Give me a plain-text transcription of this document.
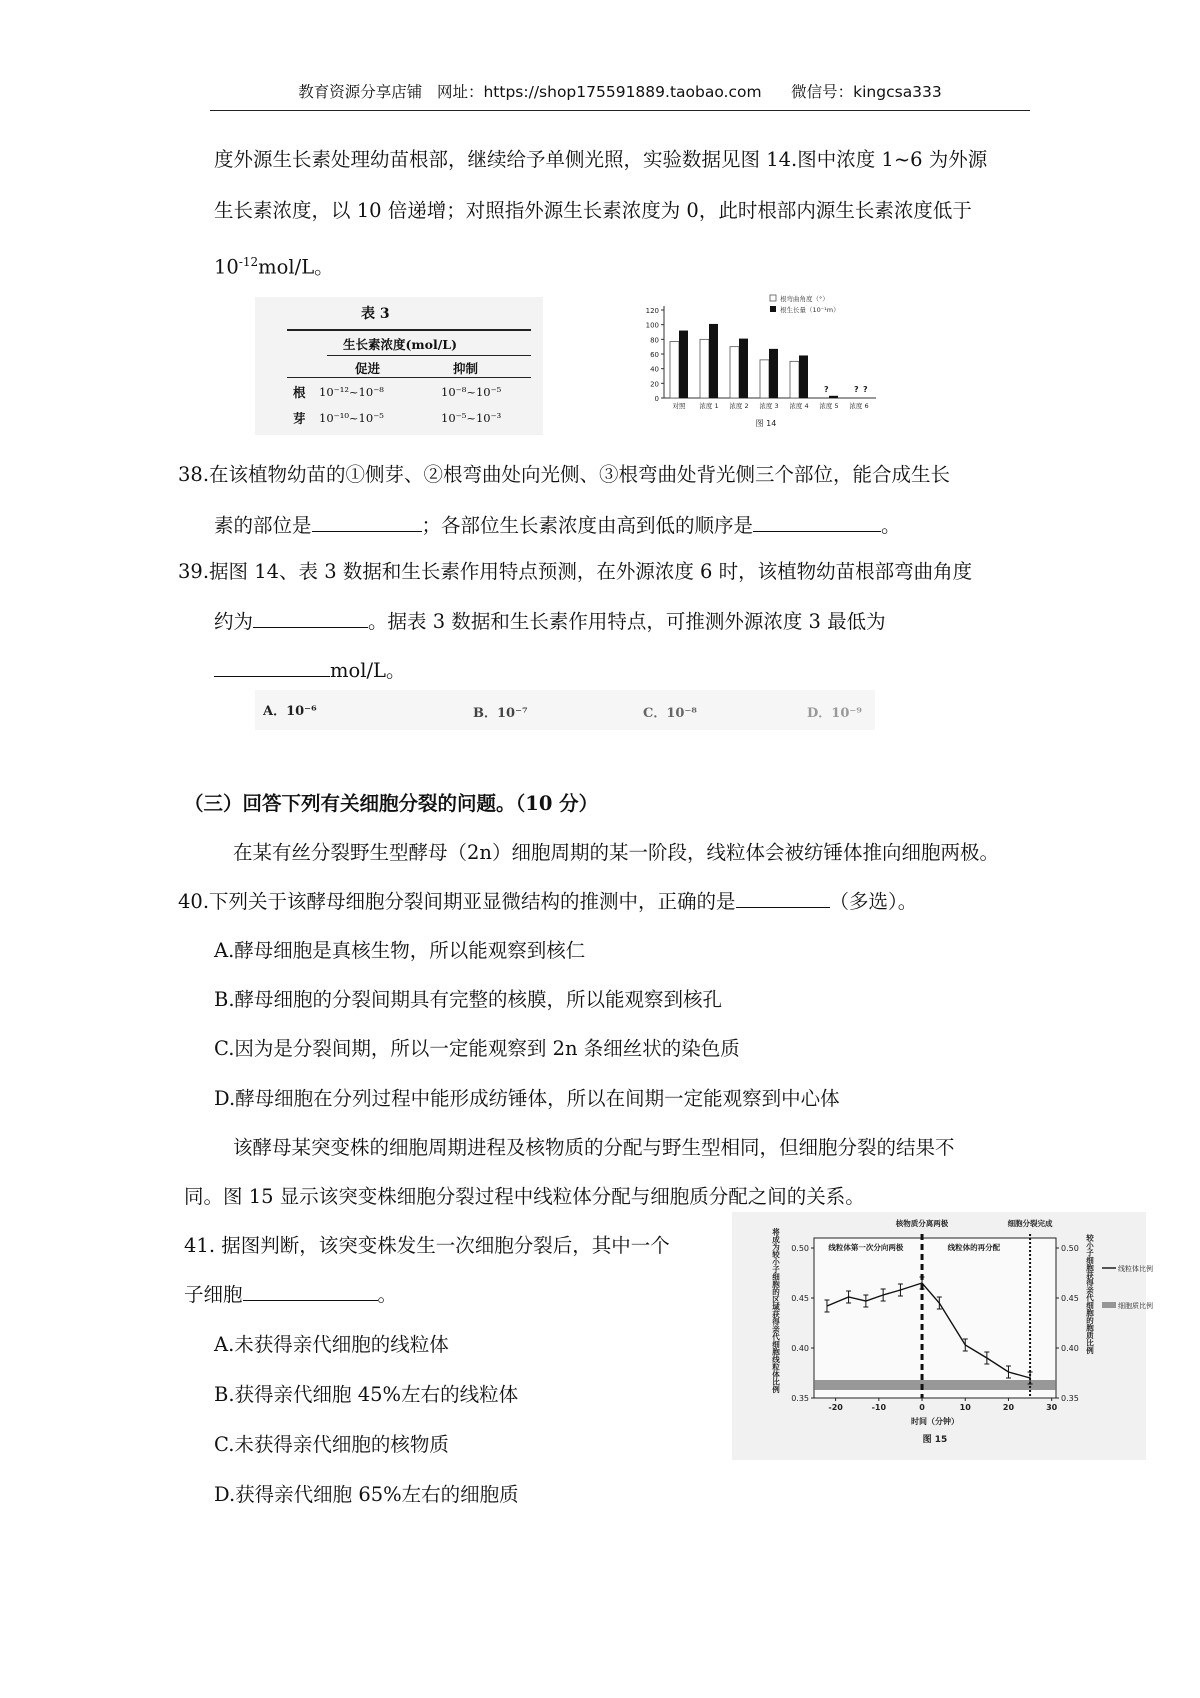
教育资源分享店铺   网址：https://shop175591889.taobao.com      微信号：kingcsa333
度外源生长素处理幼苗根部，继续给予单侧光照，实验数据见图 14.图中浓度 1~6 为外源
生长素浓度，以 10 倍递增；对照指外源生长素浓度为 0，此时根部内源生长素浓度低于
$10^{-12}mol/L$。
表 3
生长素浓度(mol/L)
促进	抑制
根 10⁻¹²~10⁻⁸	10⁻⁸~10⁻⁵
芽 10⁻¹⁰~10⁻⁵	10⁻⁵~10⁻³
0
20
40
60
80
100
120
对照 浓度 1 浓度 2 浓度 3 浓度 4
?
浓度 5
? ?
浓度 6
根弯曲角度（°）
根生长量（10⁻¹m）
图 14
38.在该植物幼苗的①侧芽、②根弯曲处向光侧、③根弯曲处背光侧三个部位，能合成生长
素的部位是	；各部位生长素浓度由高到低的顺序是	。
39.据图 14、表 3 数据和生长素作用特点预测，在外源浓度 6 时，该植物幼苗根部弯曲角度
约为	。据表 3 数据和生长素作用特点，可推测外源浓度 3 最低为
mol/L。
A．10⁻⁶	B．10⁻⁷	C．10⁻⁸	D．10⁻⁹
（三）回答下列有关细胞分裂的问题。（10 分）
在某有丝分裂野生型酵母（2n）细胞周期的某一阶段，线粒体会被纺锤体推向细胞两极。
40.下列关于该酵母细胞分裂间期亚显微结构的推测中，正确的是	（多选）。
A.酵母细胞是真核生物，所以能观察到核仁
B.酵母细胞的分裂间期具有完整的核膜，所以能观察到核孔
C.因为是分裂间期，所以一定能观察到 2n 条细丝状的染色质
D.酵母细胞在分列过程中能形成纺锤体，所以在间期一定能观察到中心体
该酵母某突变株的细胞周期进程及核物质的分配与野生型相同，但细胞分裂的结果不
同。图 15 显示该突变株细胞分裂过程中线粒体分配与细胞质分配之间的关系。
41. 据图判断，该突变株发生一次细胞分裂后，其中一个
子细胞	。
A.未获得亲代细胞的线粒体
B.获得亲代细胞 45%左右的线粒体
C.未获得亲代细胞的核物质
D.获得亲代细胞 65%左右的细胞质
0.50
0.45
0.40
0.35
0.50
0.45
0.40
0.35
-20	-10	0	10	20	30
时间（分钟）
图 15
线粒体第一次分向两极	线粒体的再分配
核物质分离两极	细胞分裂完成
将成为较小子细胞的区域获得亲代细胞线粒体比例	较小子细胞获得亲代细胞的胞质比例	线粒体比例
细胞质比例
